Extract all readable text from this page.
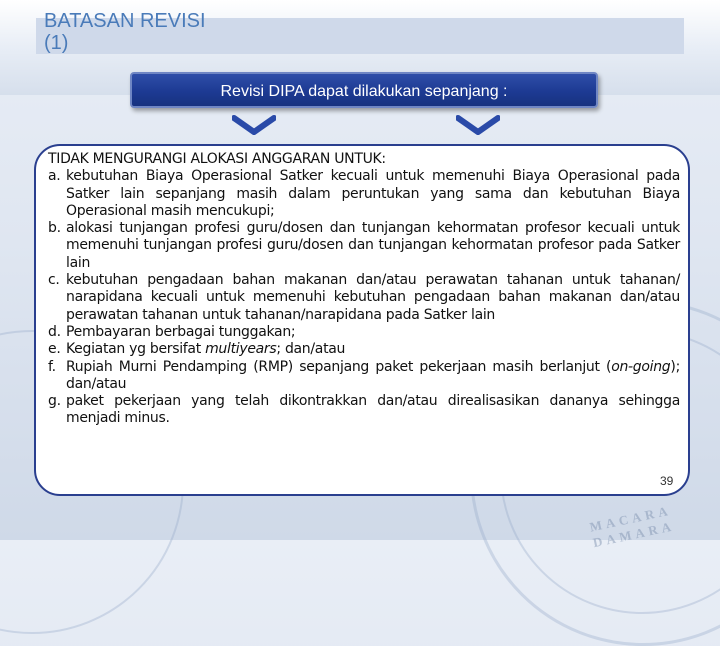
MACARA DAMARA
BATASAN REVISI
(1)
Revisi DIPA dapat dilakukan sepanjang :
TIDAK MENGURANGI ALOKASI ANGGARAN UNTUK:
a. kebutuhan Biaya Operasional Satker kecuali untuk memenuhi Biaya Operasional pada Satker lain sepanjang masih dalam peruntukan yang sama dan kebutuhan Biaya Operasional masih mencukupi;
b. alokasi tunjangan profesi guru/dosen dan tunjangan kehormatan profesor kecuali untuk memenuhi tunjangan profesi guru/dosen dan tunjangan kehormatan profesor pada Satker lain
c. kebutuhan pengadaan bahan makanan dan/atau perawatan tahanan untuk tahanan/ narapidana kecuali untuk memenuhi kebutuhan pengadaan bahan makanan dan/atau perawatan tahanan untuk tahanan/narapidana pada Satker lain
d. Pembayaran berbagai tunggakan;
e. Kegiatan yg bersifat multiyears; dan/atau
f. Rupiah Murni Pendamping (RMP) sepanjang paket pekerjaan masih berlanjut (on-going); dan/atau
g. paket pekerjaan yang telah dikontrakkan dan/atau direalisasikan dananya sehingga menjadi minus.
39
